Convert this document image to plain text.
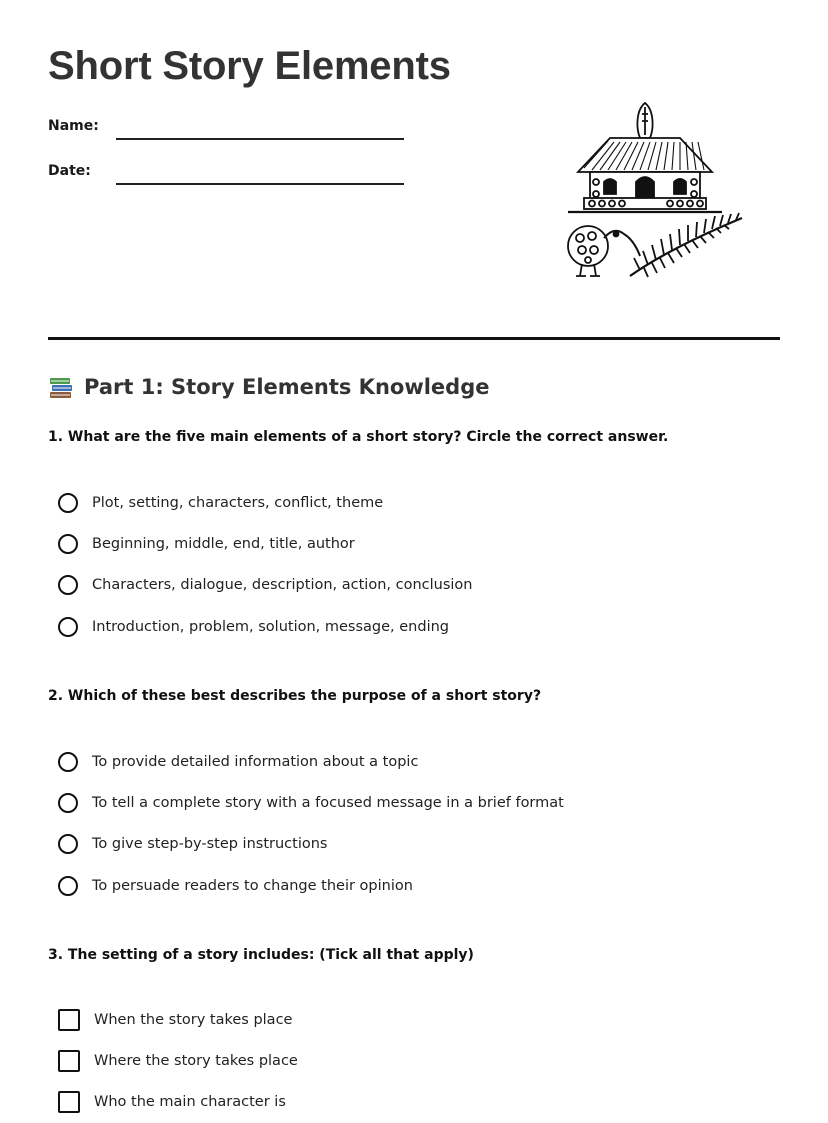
Short Story Elements
Name:
Date:
Part 1: Story Elements Knowledge

1. What are the five main elements of a short story? Circle the correct answer.

Plot, setting, characters, conflict, theme
Beginning, middle, end, title, author
Characters, dialogue, description, action, conclusion
Introduction, problem, solution, message, ending

2. Which of these best describes the purpose of a short story?

To provide detailed information about a topic
To tell a complete story with a focused message in a brief format
To give step-by-step instructions
To persuade readers to change their opinion

3. The setting of a story includes: (Tick all that apply)

When the story takes place
Where the story takes place
Who the main character is
